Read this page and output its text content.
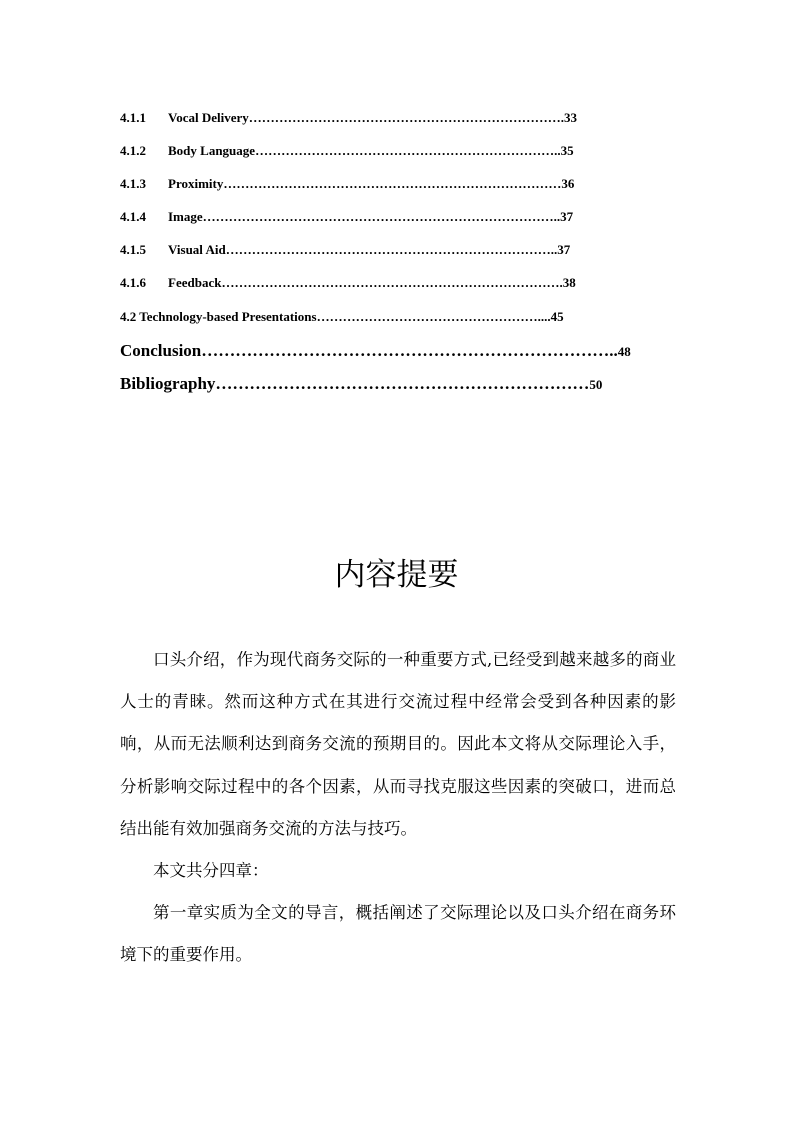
4.1.1 Vocal Delivery……………………………………………………………….33
4.1.2 Body Language……………………………………………………………..35
4.1.3 Proximity……………………………………………………………………36
4.1.4 Image………………………………………………………………………..37
4.1.5 Visual Aid…………………………………………………………………..37
4.1.6 Feedback…………………………………………………………………….38
4.2 Technology-based Presentations……………………………………………....45
Conclusion………………………………………………………………..48
Bibliography…………………………………………………………50
内容提要
口头介绍，作为现代商务交际的一种重要方式,已经受到越来越多的商业人士的青睐。然而这种方式在其进行交流过程中经常会受到各种因素的影响，从而无法顺利达到商务交流的预期目的。因此本文将从交际理论入手，分析影响交际过程中的各个因素，从而寻找克服这些因素的突破口，进而总结出能有效加强商务交流的方法与技巧。
本文共分四章：
第一章实质为全文的导言，概括阐述了交际理论以及口头介绍在商务环境下的重要作用。
